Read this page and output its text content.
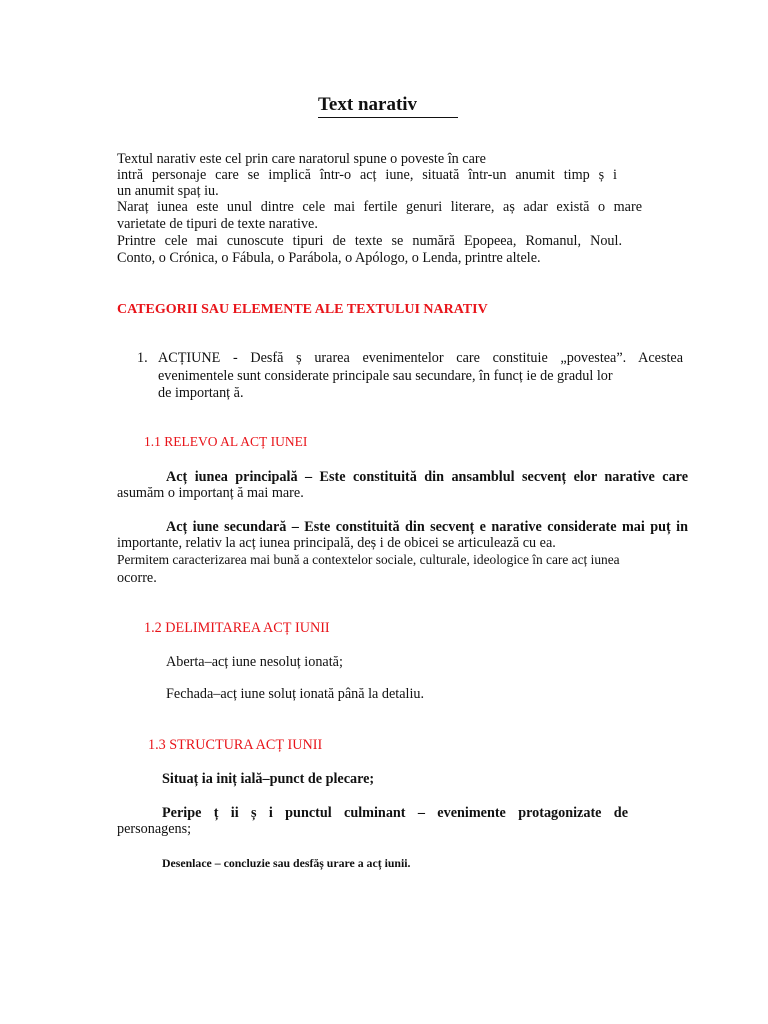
Text narativ
Textul narativ este cel prin care naratorul spune o poveste în care
intră personaje care se implică într-o acț iune, situată într-un anumit timp ș i
un anumit spaț iu.
Naraț iunea este unul dintre cele mai fertile genuri literare, aș adar există o mare
varietate de tipuri de texte narative.
Printre cele mai cunoscute tipuri de texte se numără Epopeea, Romanul, Noul.
Conto, o Crónica, o Fábula, o Parábola, o Apólogo, o Lenda, printre altele.
CATEGORII SAU ELEMENTE ALE TEXTULUI NARATIV
1. ACȚIUNE - Desfă ș urarea evenimentelor care constituie „povestea”. Acestea
evenimentele sunt considerate principale sau secundare, în funcț ie de gradul lor
de importanț ă.
1.1 RELEVO AL ACȚ IUNEI
Acț iunea principală – Este constituită din ansamblul secvenț elor narative care
asumăm o importanț ă mai mare.
Acț iune secundară – Este constituită din secvenț e narative considerate mai puț in
importante, relativ la acț iunea principală, deș i de obicei se articulează cu ea.
Permitem caracterizarea mai bună a contextelor sociale, culturale, ideologice în care acț iunea
ocorre.
1.2 DELIMITAREA ACȚ IUNII
Aberta–acț iune nesoluț ionată;
Fechada–acț iune soluț ionată până la detaliu.
1.3 STRUCTURA ACȚ IUNII
Situaț ia iniț ială–punct de plecare;
Peripe ț ii ș i punctul culminant – evenimente protagonizate de
personagens;
Desenlace – concluzie sau desfăș urare a acț iunii.
